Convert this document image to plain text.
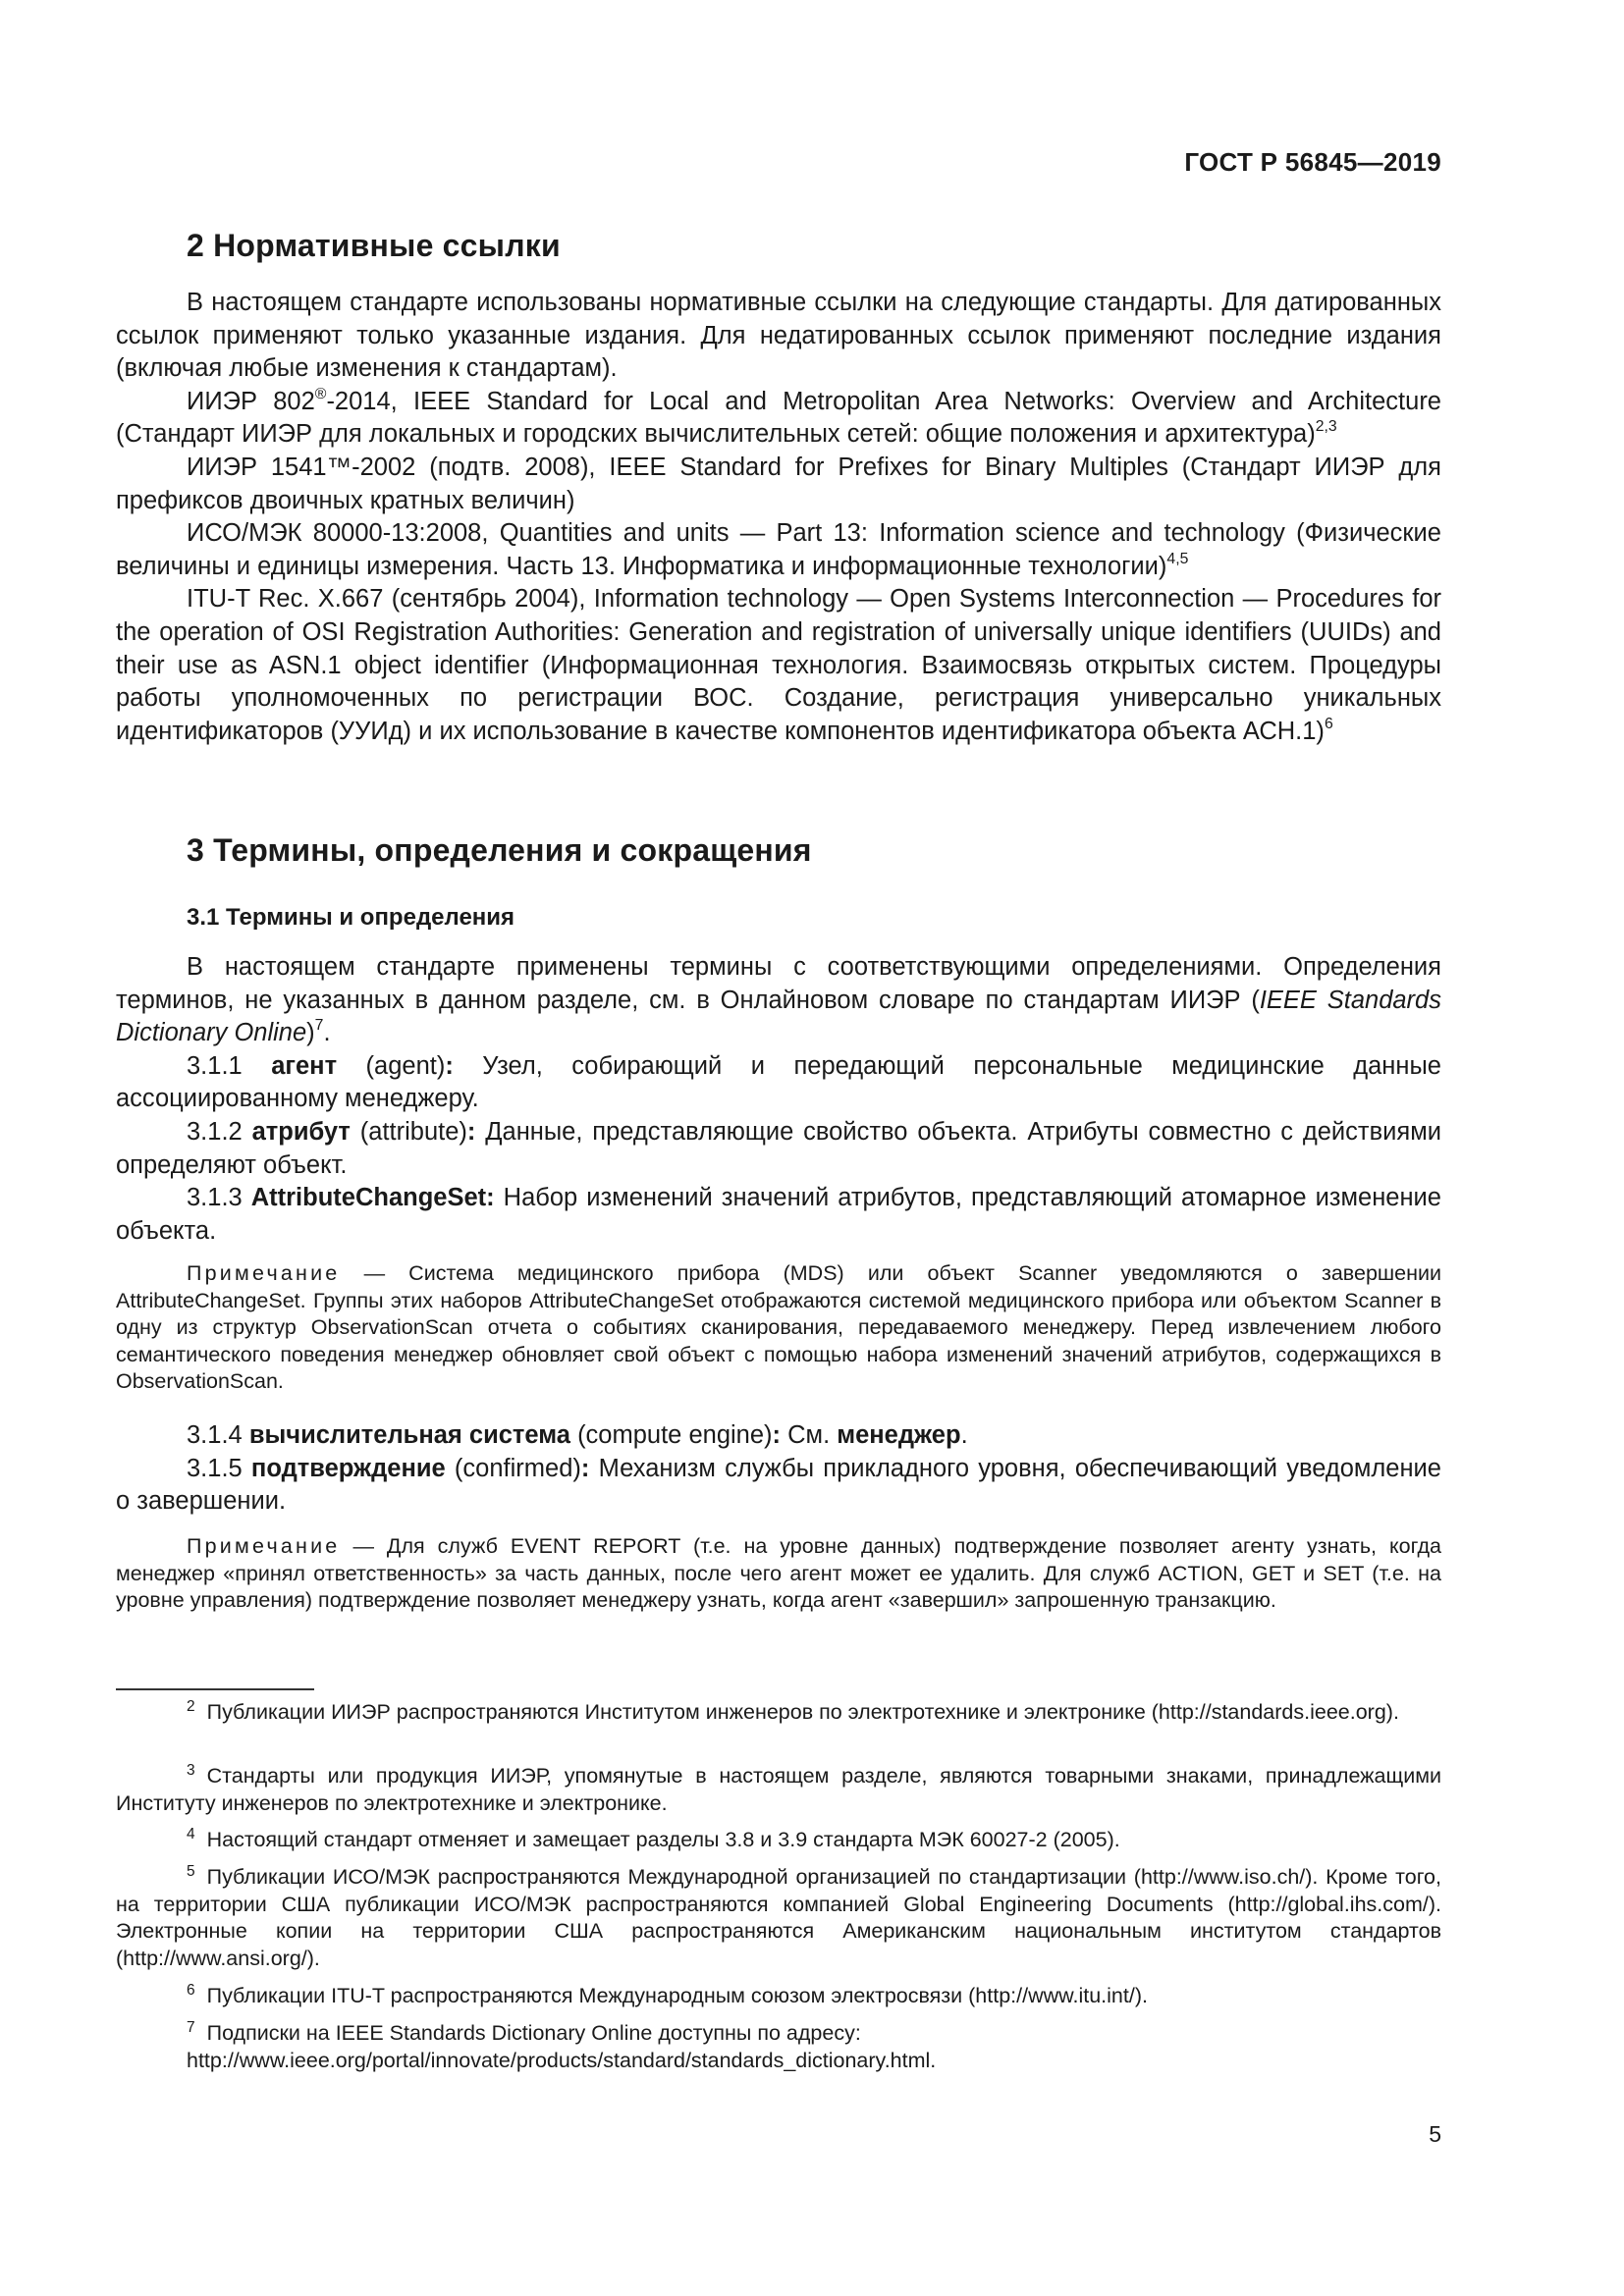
ГОСТ Р 56845—2019
2 Нормативные ссылки

В настоящем стандарте использованы нормативные ссылки на следующие стандарты. Для датированных ссылок применяют только указанные издания. Для недатированных ссылок применяют последние издания (включая любые изменения к стандартам).

ИИЭР 802®-2014, IEEE Standard for Local and Metropolitan Area Networks: Overview and Architecture (Стандарт ИИЭР для локальных и городских вычислительных сетей: общие положения и архитектура)$^{2,3}$

ИИЭР 1541™-2002 (подтв. 2008), IEEE Standard for Prefixes for Binary Multiples (Стандарт ИИЭР для префиксов двоичных кратных величин)

ИСО/МЭК 80000-13:2008, Quantities and units — Part 13: Information science and technology (Физические величины и единицы измерения. Часть 13. Информатика и информационные технологии)$^{4,5}$

ITU-T Rec. X.667 (сентябрь 2004), Information technology — Open Systems Interconnection — Procedures for the operation of OSI Registration Authorities: Generation and registration of universally unique identifiers (UUIDs) and their use as ASN.1 object identifier (Информационная технология. Взаимосвязь открытых систем. Процедуры работы уполномоченных по регистрации ВОС. Создание, регистрация универсально уникальных идентификаторов (УУИд) и их использование в качестве компонентов идентификатора объекта АСН.1)$^6$

3 Термины, определения и сокращения
3.1 Термины и определения

В настоящем стандарте применены термины с соответствующими определениями. Определения терминов, не указанных в данном разделе, см. в Онлайновом словаре по стандартам ИИЭР (IEEE Standards Dictionary Online)$^7$.

3.1.1 агент (agent): Узел, собирающий и передающий персональные медицинские данные ассоциированному менеджеру.

3.1.2 атрибут (attribute): Данные, представляющие свойство объекта. Атрибуты совместно с действиями определяют объект.

3.1.3 AttributeChangeSet: Набор изменений значений атрибутов, представляющий атомарное изменение объекта.

Примечание — Система медицинского прибора (MDS) или объект Scanner уведомляются о завершении AttributeChangeSet. Группы этих наборов AttributeChangeSet отображаются системой медицинского прибора или объектом Scanner в одну из структур ObservationScan отчета о событиях сканирования, передаваемого менеджеру. Перед извлечением любого семантического поведения менеджер обновляет свой объект с помощью набора изменений значений атрибутов, содержащихся в ObservationScan.

3.1.4 вычислительная система (compute engine): См. менеджер.

3.1.5 подтверждение (confirmed): Механизм службы прикладного уровня, обеспечивающий уведомление о завершении.

Примечание — Для служб EVENT REPORT (т.е. на уровне данных) подтверждение позволяет агенту узнать, когда менеджер «принял ответственность» за часть данных, после чего агент может ее удалить. Для служб ACTION, GET и SET (т.е. на уровне управления) подтверждение позволяет менеджеру узнать, когда агент «завершил» запрошенную транзакцию.

$^2$ Публикации ИИЭР распространяются Институтом инженеров по электротехнике и электронике (http://standards.ieee.org).

$^3$ Стандарты или продукция ИИЭР, упомянутые в настоящем разделе, являются товарными знаками, принадлежащими Институту инженеров по электротехнике и электронике.

$^4$ Настоящий стандарт отменяет и замещает разделы 3.8 и 3.9 стандарта МЭК 60027-2 (2005).

$^5$ Публикации ИСО/МЭК распространяются Международной организацией по стандартизации (http://www.iso.ch/). Кроме того, на территории США публикации ИСО/МЭК распространяются компанией Global Engineering Documents (http://global.ihs.com/). Электронные копии на территории США распространяются Американским национальным институтом стандартов (http://www.ansi.org/).

$^6$ Публикации ITU-T распространяются Международным союзом электросвязи (http://www.itu.int/).

$^7$ Подписки на IEEE Standards Dictionary Online доступны по адресу:

http://www.ieee.org/portal/innovate/products/standard/standards_dictionary.html.

5
